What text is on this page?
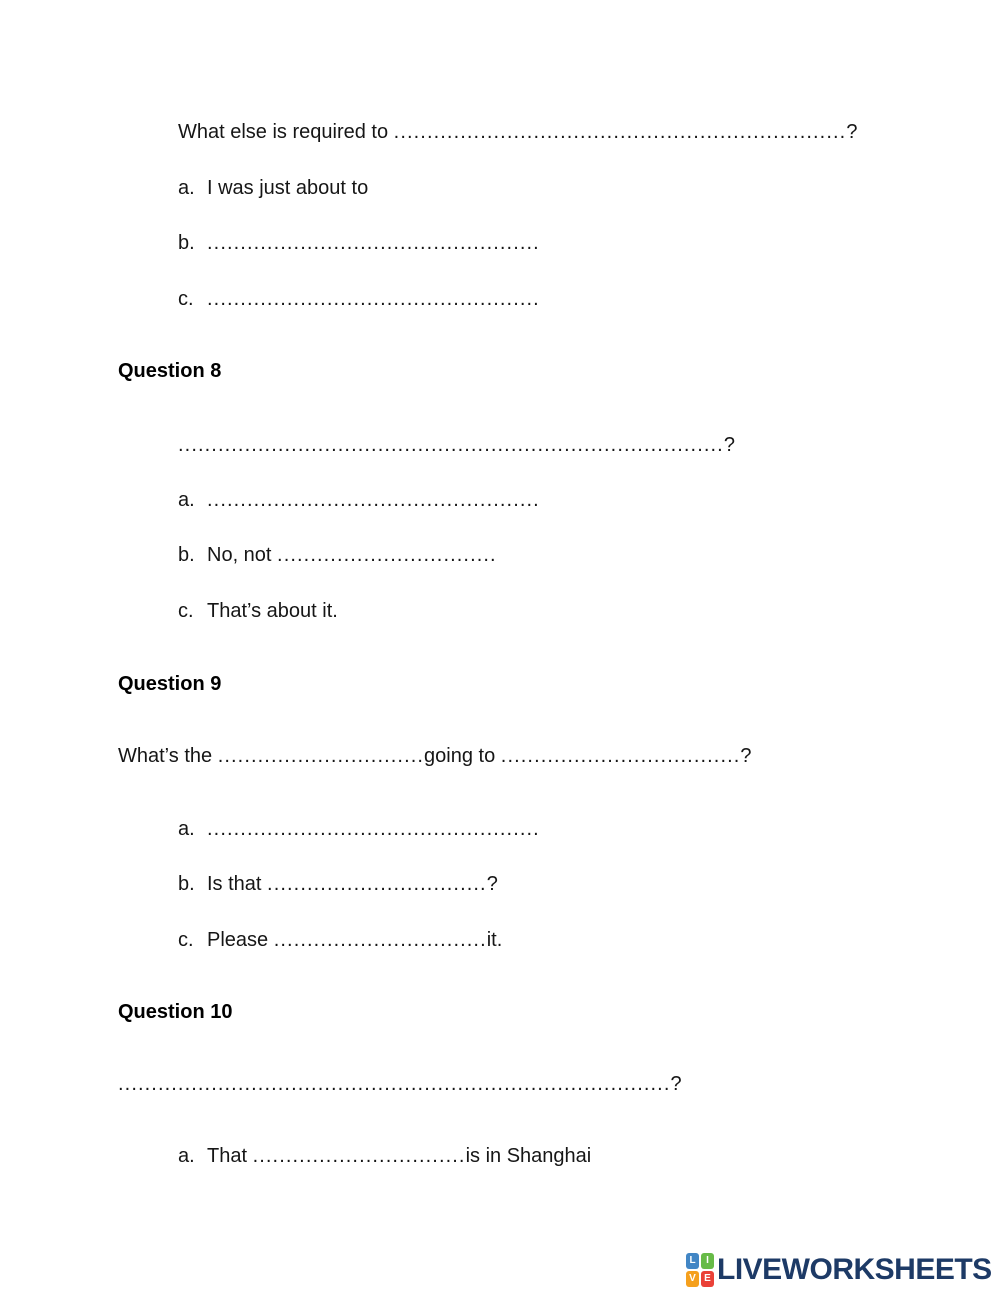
What else is required to ....................................................................?
a. I was just about to
b. ..................................................
c. ..................................................
Question 8
..................................................................................?
a. ..................................................
b. No, not .................................
c. That’s about it.
Question 9
What’s the ...............................going to ....................................?
a. ..................................................
b. Is that .................................?
c. Please ................................it.
Question 10
...................................................................................?
a. That ................................is in Shanghai
L	I
V E LIVEWORKSHEETS
